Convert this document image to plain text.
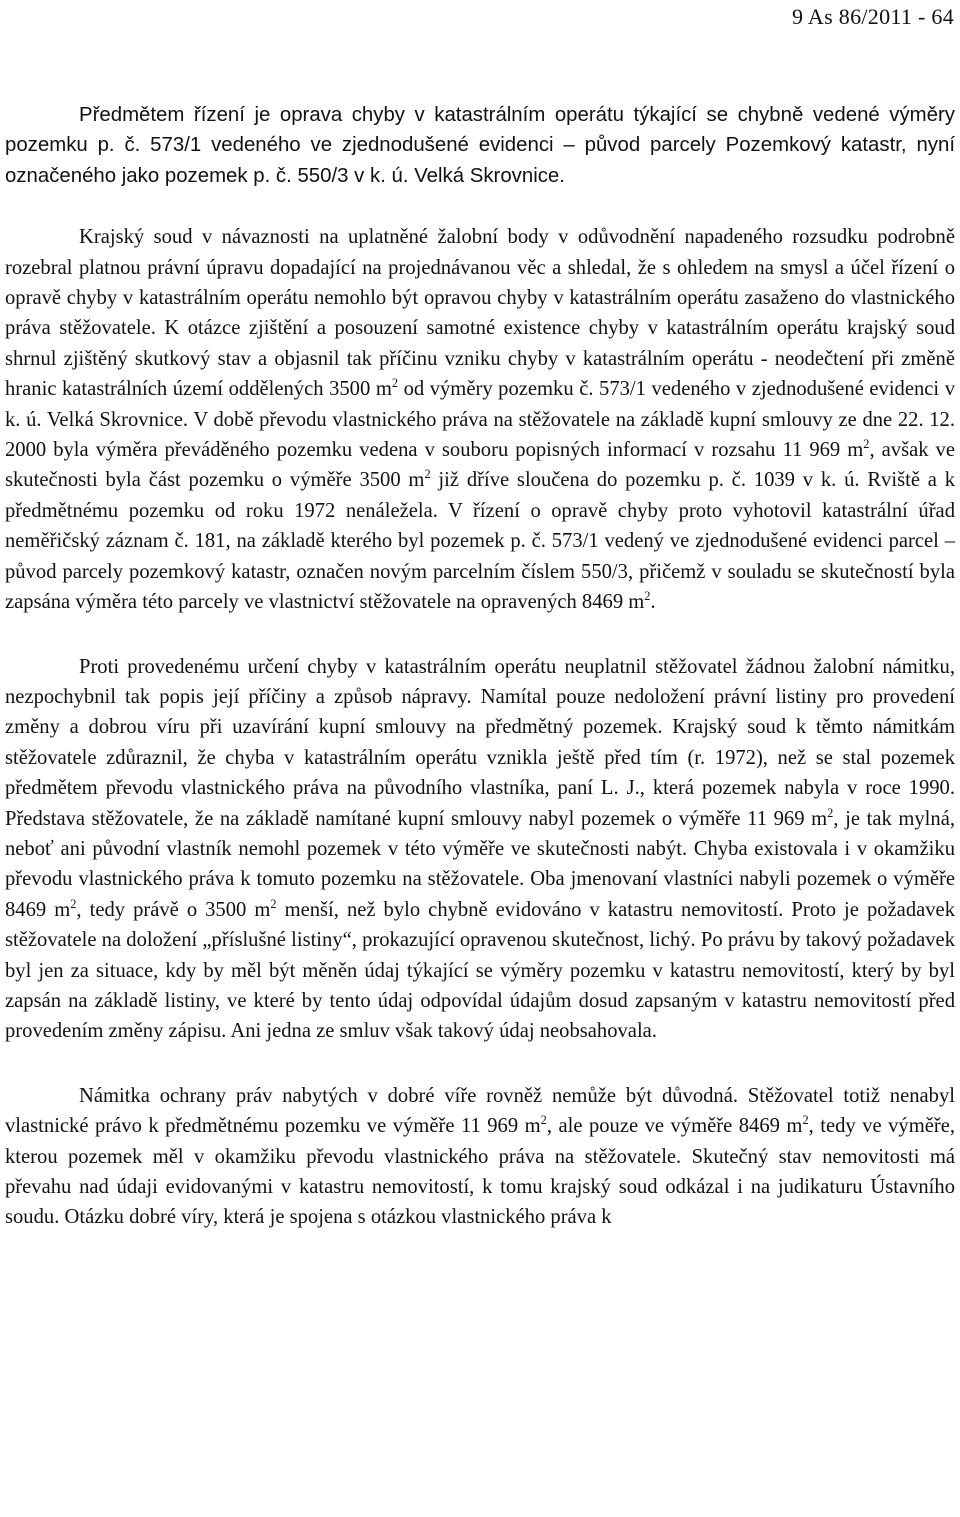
9 As 86/2011 - 64

Předmětem řízení je oprava chyby v katastrálním operátu týkající se chybně vedené výměry pozemku p. č. 573/1 vedeného ve zjednodušené evidenci – původ parcely Pozemkový katastr, nyní označeného jako pozemek p. č. 550/3 v k. ú. Velká Skrovnice.

Krajský soud v návaznosti na uplatněné žalobní body v odůvodnění napadeného rozsudku podrobně rozebral platnou právní úpravu dopadající na projednávanou věc a shledal, že s ohledem na smysl a účel řízení o opravě chyby v katastrálním operátu nemohlo být opravou chyby v katastrálním operátu zasaženo do vlastnického práva stěžovatele. K otázce zjištění a posouzení samotné existence chyby v katastrálním operátu krajský soud shrnul zjištěný skutkový stav a objasnil tak příčinu vzniku chyby v katastrálním operátu - neodečtení při změně hranic katastrálních území oddělených 3500 $m^2$ od výměry pozemku č. 573/1 vedeného v zjednodušené evidenci v k. ú. Velká Skrovnice. V době převodu vlastnického práva na stěžovatele na základě kupní smlouvy ze dne 22. 12. 2000 byla výměra převáděného pozemku vedena v souboru popisných informací v rozsahu 11 969 $m^2$, avšak ve skutečnosti byla část pozemku o výměře 3500 $m^2$ již dříve sloučena do pozemku p. č. 1039 v k. ú. Rviště a k předmětnému pozemku od roku 1972 nenáležela. V řízení o opravě chyby proto vyhotovil katastrální úřad neměřičský záznam č. 181, na základě kterého byl pozemek p. č. 573/1 vedený ve zjednodušené evidenci parcel – původ parcely pozemkový katastr, označen novým parcelním číslem 550/3, přičemž v souladu se skutečností byla zapsána výměra této parcely ve vlastnictví stěžovatele na opravených 8469 $m^2$.

Proti provedenému určení chyby v katastrálním operátu neuplatnil stěžovatel žádnou žalobní námitku, nezpochybnil tak popis její příčiny a způsob nápravy. Namítal pouze nedoložení právní listiny pro provedení změny a dobrou víru při uzavírání kupní smlouvy na předmětný pozemek. Krajský soud k těmto námitkám stěžovatele zdůraznil, že chyba v katastrálním operátu vznikla ještě před tím (r. 1972), než se stal pozemek předmětem převodu vlastnického práva na původního vlastníka, paní L. J., která pozemek nabyla v roce 1990. Představa stěžovatele, že na základě namítané kupní smlouvy nabyl pozemek o výměře 11 969 $m^2$, je tak mylná, neboť ani původní vlastník nemohl pozemek v této výměře ve skutečnosti nabýt. Chyba existovala i v okamžiku převodu vlastnického práva k tomuto pozemku na stěžovatele. Oba jmenovaní vlastníci nabyli pozemek o výměře 8469 $m^2$, tedy právě o 3500 $m^2$ menší, než bylo chybně evidováno v katastru nemovitostí. Proto je požadavek stěžovatele na doložení „příslušné listiny“, prokazující opravenou skutečnost, lichý. Po právu by takový požadavek byl jen za situace, kdy by měl být měněn údaj týkající se výměry pozemku v katastru nemovitostí, který by byl zapsán na základě listiny, ve které by tento údaj odpovídal údajům dosud zapsaným v katastru nemovitostí před provedením změny zápisu. Ani jedna ze smluv však takový údaj neobsahovala.

Námitka ochrany práv nabytých v dobré víře rovněž nemůže být důvodná. Stěžovatel totiž nenabyl vlastnické právo k předmětnému pozemku ve výměře 11 969 $m^2$, ale pouze ve výměře 8469 $m^2$, tedy ve výměře, kterou pozemek měl v okamžiku převodu vlastnického práva na stěžovatele. Skutečný stav nemovitosti má převahu nad údaji evidovanými v katastru nemovitostí, k tomu krajský soud odkázal i na judikaturu Ústavního soudu. Otázku dobré víry, která je spojena s otázkou vlastnického práva k
